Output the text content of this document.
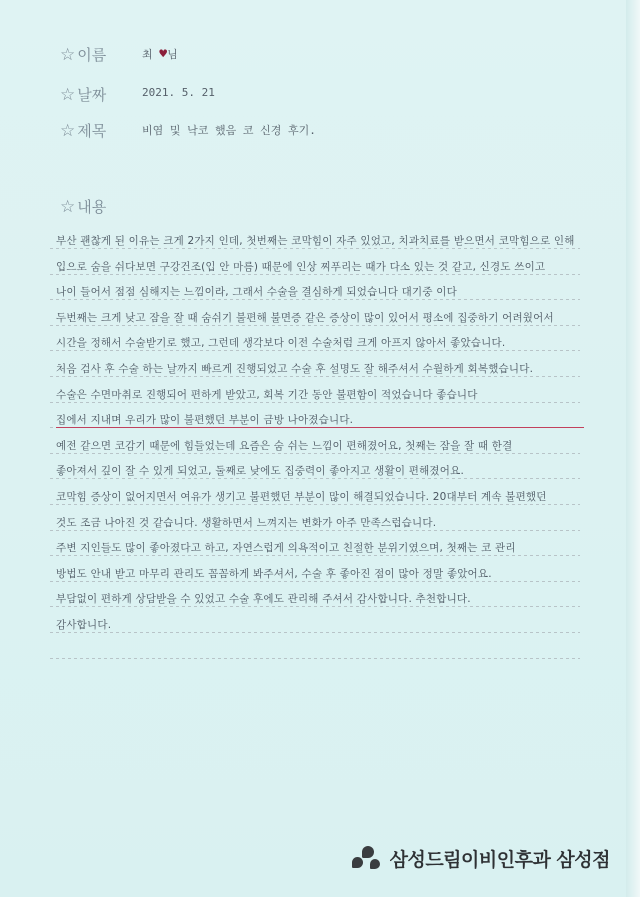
☆ 이름	최 ♥님
☆ 날짜	2021. 5. 21
☆ 제목	비염 및 낙코 했음 코 신경 후기.
☆ 내용
부산 괜찮게 된 이유는 크게 2가지 인데, 첫번째는 코막힘이 자주 있었고, 치과치료를 받으면서 코막힘으로 인해
입으로 숨을 쉬다보면 구강건조(입 안 마름) 때문에 인상 찌푸리는 때가 다소 있는 것 같고, 신경도 쓰이고
나이 들어서 점점 심해지는 느낌이라, 그래서 수술을 결심하게 되었습니다 대기중 이다
두번째는 크게 낮고 잠을 잘 때 숨쉬기 불편해 불면증 같은 증상이 많이 있어서 평소에 집중하기 어려웠어서
시간을 정해서 수술받기로 했고, 그런데 생각보다 이전 수술처럼 크게 아프지 않아서 좋았습니다.
처음 검사 후 수술 하는 날까지 빠르게 진행되었고 수술 후 설명도 잘 해주셔서 수월하게 회복했습니다.
수술은 수면마취로 진행되어 편하게 받았고, 회복 기간 동안 불편함이 적었습니다 좋습니다
집에서 지내며 우리가 많이 불편했던 부분이 금방 나아졌습니다.
예전 같으면 코감기 때문에 힘들었는데 요즘은 숨 쉬는 느낌이 편해졌어요, 첫째는 잠을 잘 때 한결
좋아져서 깊이 잘 수 있게 되었고, 둘째로 낮에도 집중력이 좋아지고 생활이 편해졌어요.
코막힘 증상이 없어지면서 여유가 생기고 불편했던 부분이 많이 해결되었습니다. 20대부터 계속 불편했던
것도 조금 나아진 것 같습니다. 생활하면서 느껴지는 변화가 아주 만족스럽습니다.
주변 지인들도 많이 좋아졌다고 하고, 자연스럽게 의욕적이고 친절한 분위기였으며, 첫째는 코 관리
방법도 안내 받고 마무리 관리도 꼼꼼하게 봐주셔서, 수술 후 좋아진 점이 많아 정말 좋았어요.
부담없이 편하게 상담받을 수 있었고 수술 후에도 관리해 주셔서 감사합니다. 추천합니다.
감사합니다.
삼성드림이비인후과 삼성점
